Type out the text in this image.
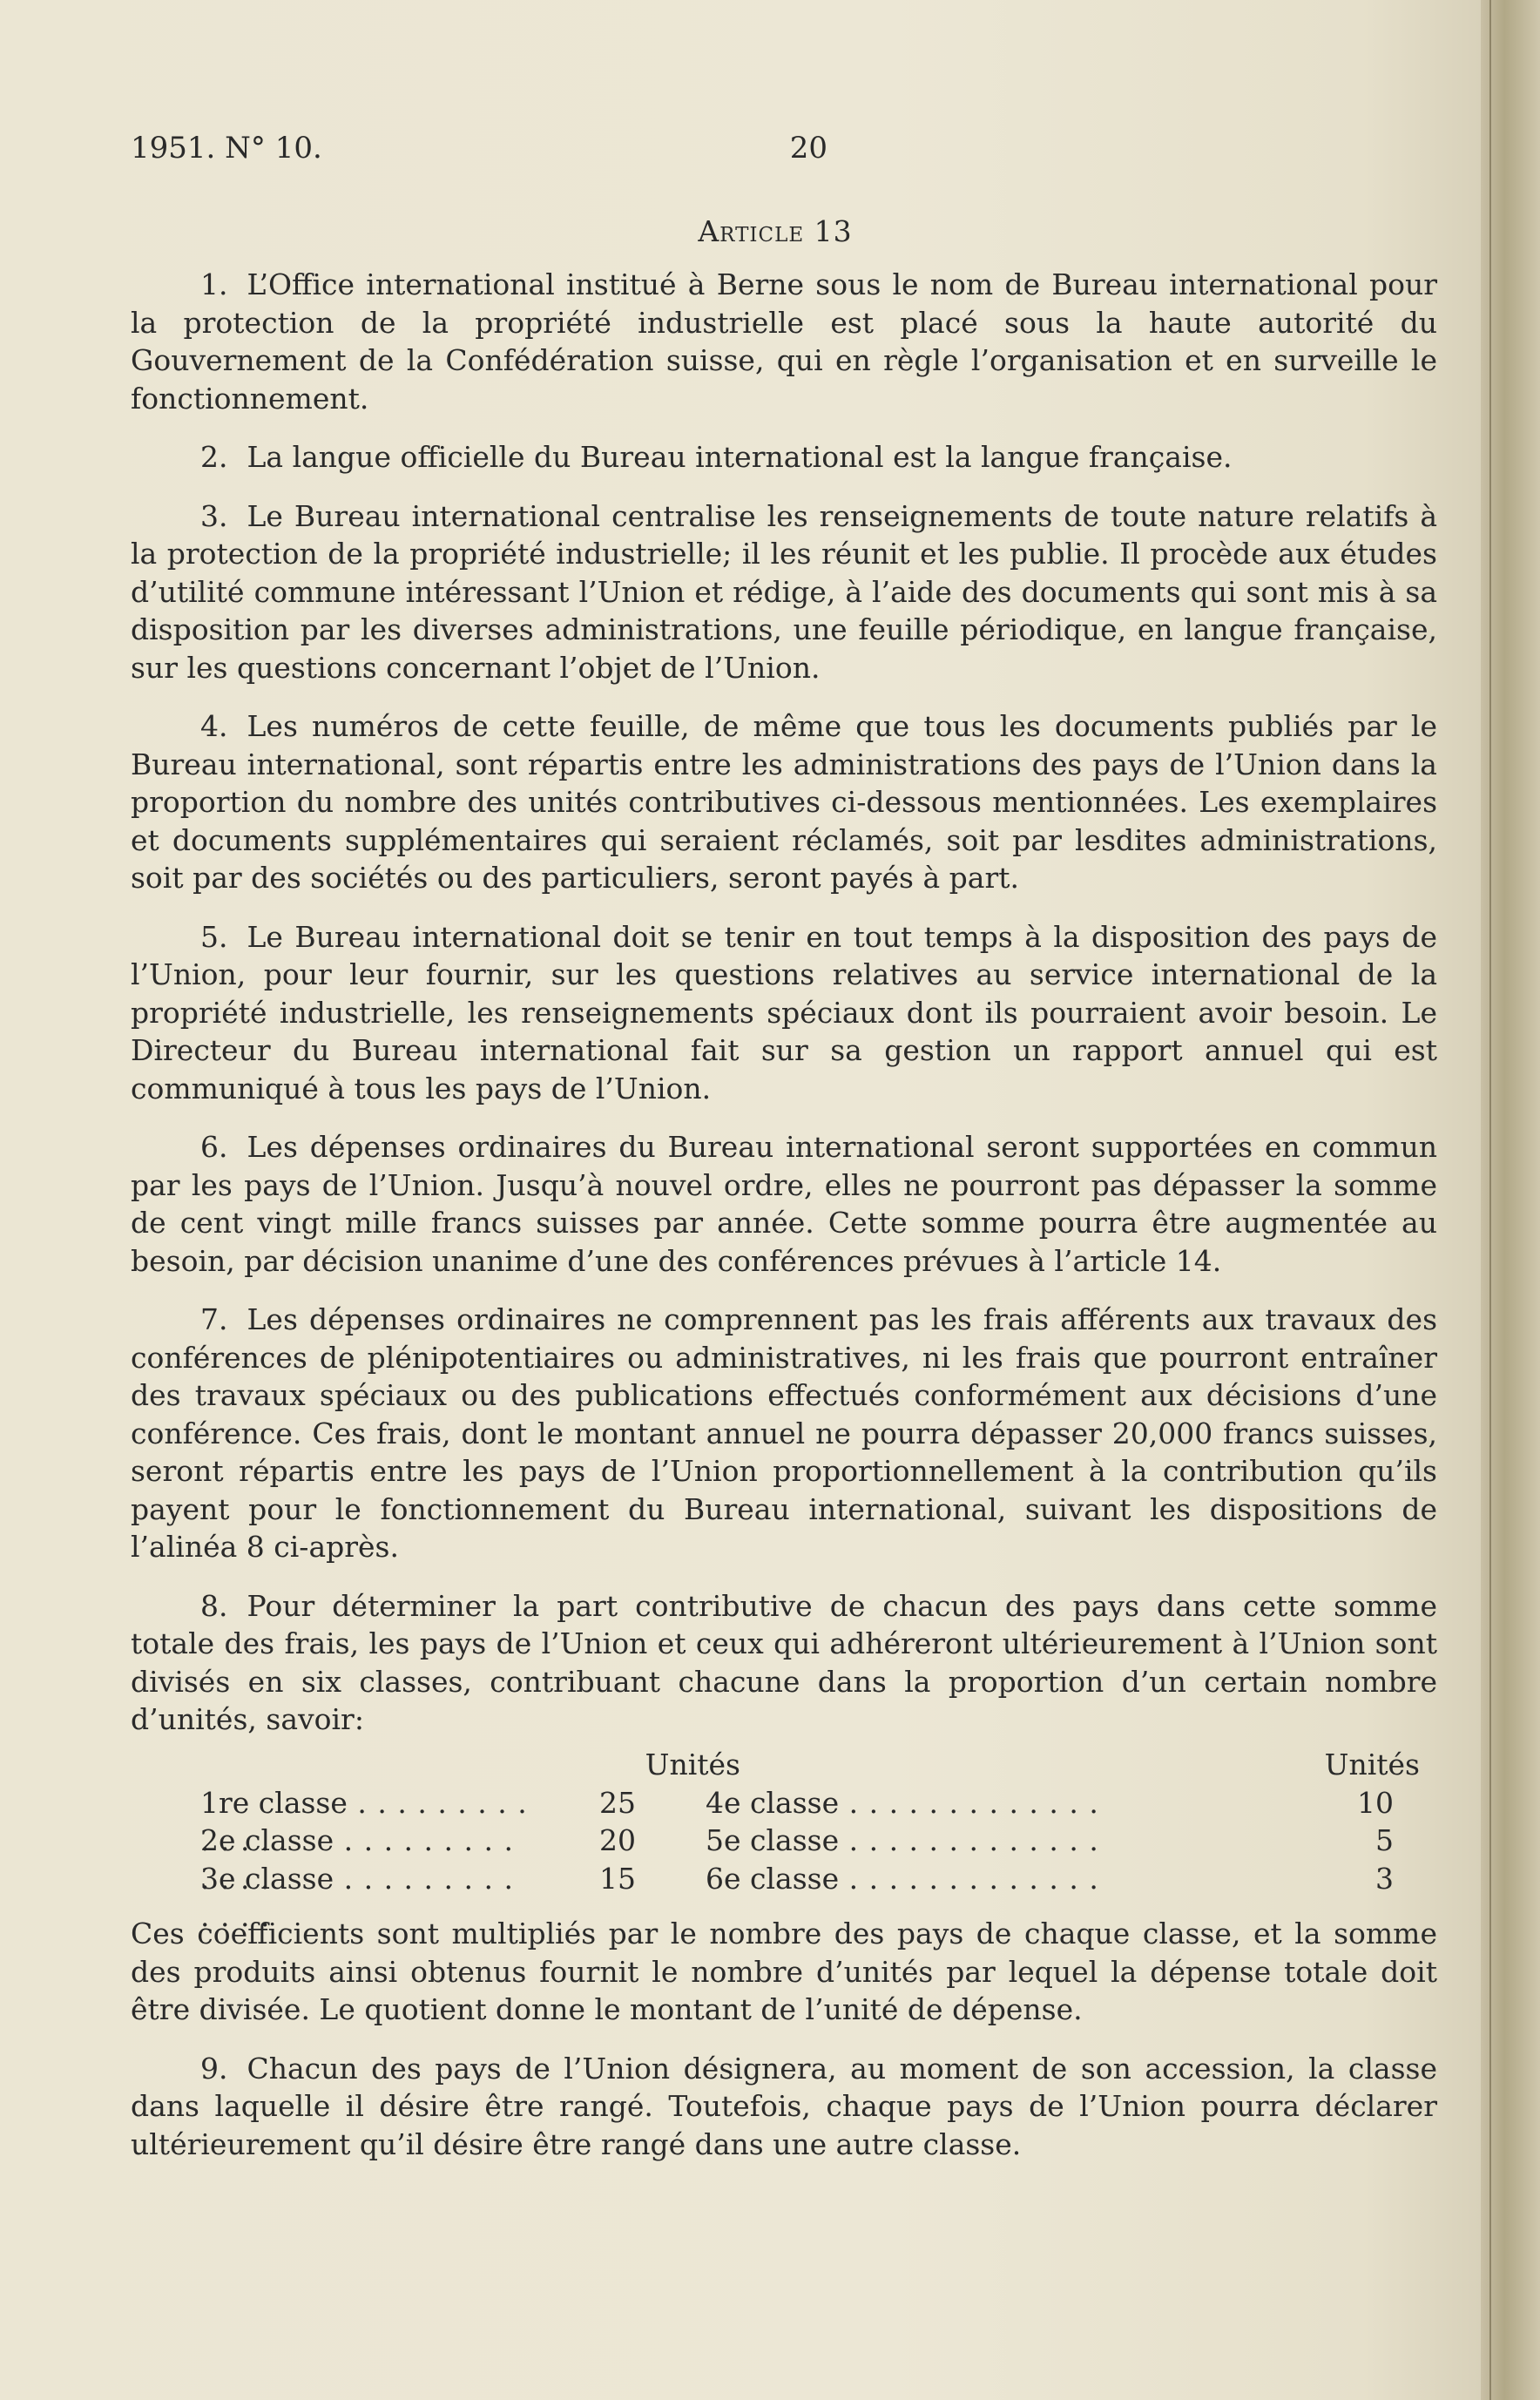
1951. N° 10.	20
Article 13

1. L’Office international institué à Berne sous le nom de Bureau international pour la protection de la propriété industrielle est placé sous la haute autorité du Gouvernement de la Confédération suisse, qui en règle l’organisation et en surveille le fonctionnement.

2. La langue officielle du Bureau international est la langue française.

3. Le Bureau international centralise les renseignements de toute nature relatifs à la protection de la propriété industrielle; il les réunit et les publie. Il procède aux études d’utilité commune intéressant l’Union et rédige, à l’aide des documents qui sont mis à sa disposition par les diverses administrations, une feuille périodique, en langue française, sur les questions concernant l’objet de l’Union.

4. Les numéros de cette feuille, de même que tous les documents publiés par le Bureau international, sont répartis entre les administrations des pays de l’Union dans la proportion du nombre des unités contributives ci-dessous mentionnées. Les exemplaires et documents supplémentaires qui seraient réclamés, soit par lesdites administrations, soit par des sociétés ou des particuliers, seront payés à part.

5. Le Bureau international doit se tenir en tout temps à la disposition des pays de l’Union, pour leur fournir, sur les questions relatives au service international de la propriété industrielle, les renseignements spéciaux dont ils pourraient avoir besoin. Le Directeur du Bureau international fait sur sa gestion un rapport annuel qui est communiqué à tous les pays de l’Union.

6. Les dépenses ordinaires du Bureau international seront supportées en commun par les pays de l’Union. Jusqu’à nouvel ordre, elles ne pourront pas dépasser la somme de cent vingt mille francs suisses par année. Cette somme pourra être augmentée au besoin, par décision unanime d’une des conférences prévues à l’article 14.

7. Les dépenses ordinaires ne comprennent pas les frais afférents aux travaux des conférences de plénipotentiaires ou administratives, ni les frais que pourront entraîner des travaux spéciaux ou des publications effectués conformément aux décisions d’une conférence. Ces frais, dont le montant annuel ne pourra dépasser 20,000 francs suisses, seront répartis entre les pays de l’Union proportionnellement à la contribution qu’ils payent pour le fonctionnement du Bureau international, suivant les dispositions de l’alinéa 8 ci-après.

8. Pour déterminer la part contributive de chacun des pays dans cette somme totale des frais, les pays de l’Union et ceux qui adhéreront ultérieurement à l’Union sont divisés en six classes, contribuant chacune dans la proportion d’un certain nombre d’unités, savoir:

Unités	Unités
1re classe . . .	25	4e classe . . .	10
2e classe . . .	20	5e classe . . .	5
3e classe . . .	15	6e classe . . .	3

Ces coefficients sont multipliés par le nombre des pays de chaque classe, et la somme des produits ainsi obtenus fournit le nombre d’unités par lequel la dépense totale doit être divisée. Le quotient donne le montant de l’unité de dépense.

9. Chacun des pays de l’Union désignera, au moment de son accession, la classe dans laquelle il désire être rangé. Toutefois, chaque pays de l’Union pourra déclarer ultérieurement qu’il désire être rangé dans une autre classe.
